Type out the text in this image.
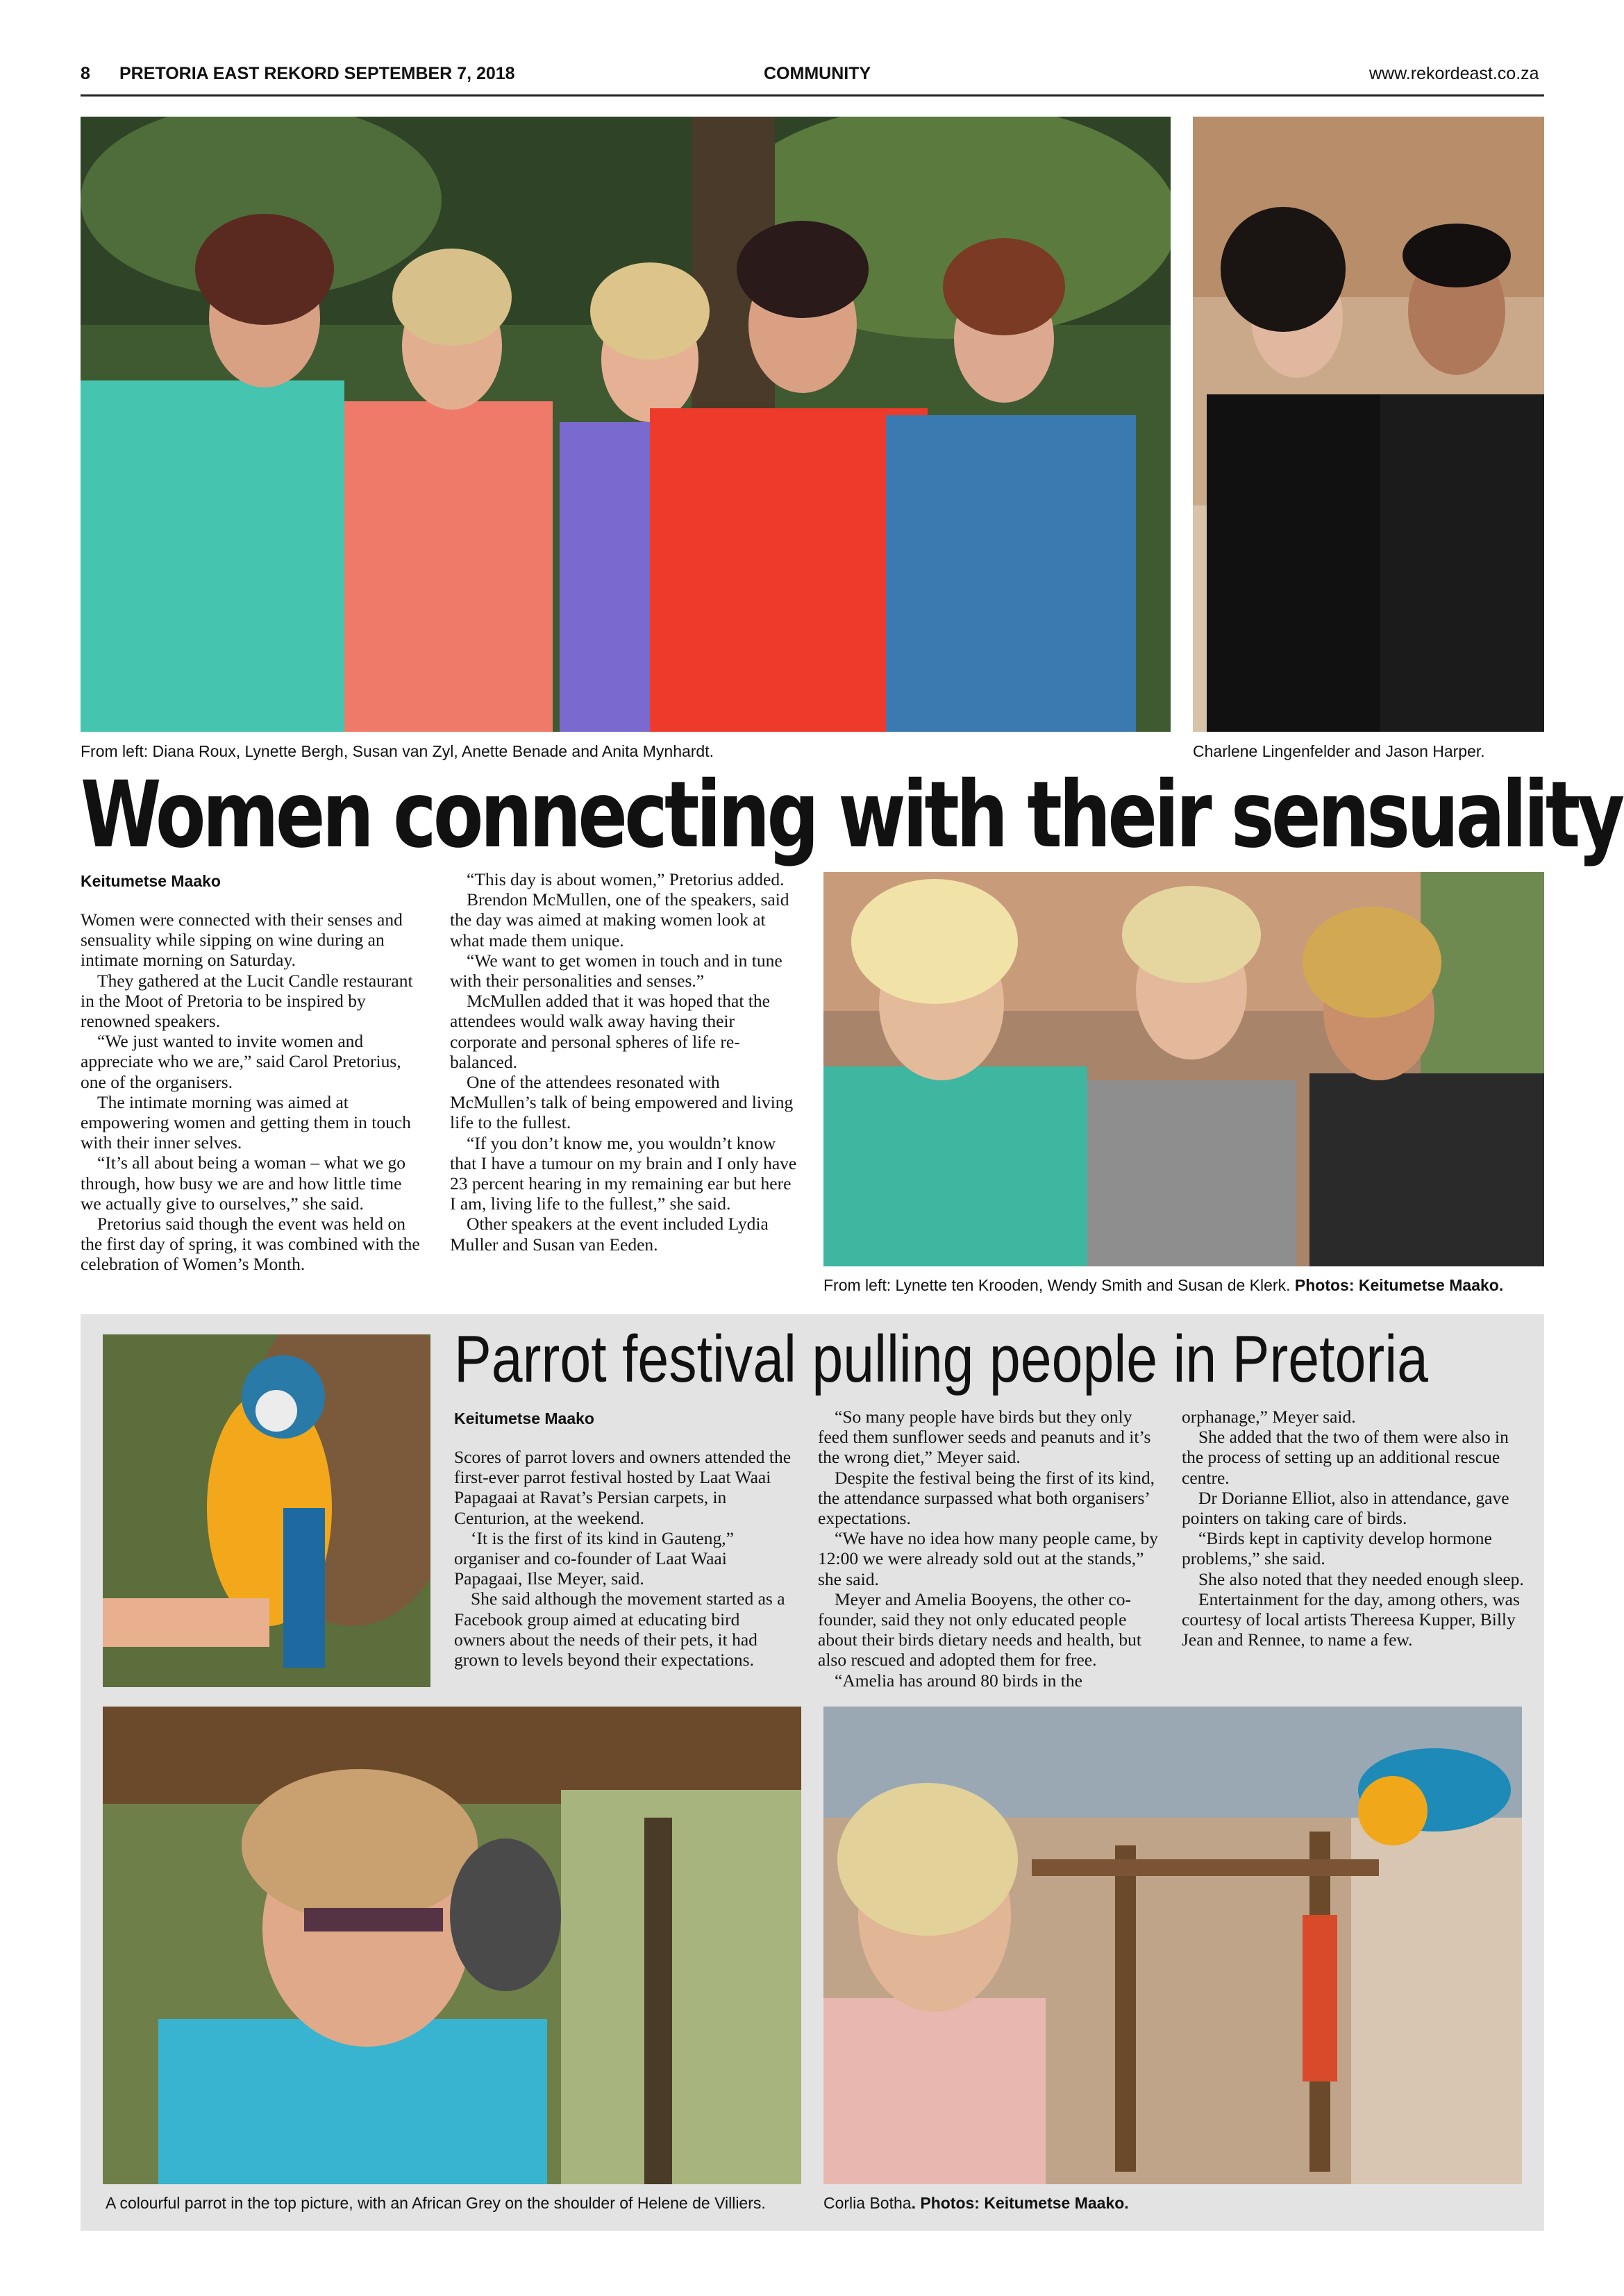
8 PRETORIA EAST REKORD SEPTEMBER 7, 2018	COMMUNITY	www.rekordeast.co.za
From left: Diana Roux, Lynette Bergh, Susan van Zyl, Anette Benade and Anita Mynhardt.	Charlene Lingenfelder and Jason Harper.
Women connecting with their sensuality
Keitumetse Maako

Women were connected with their senses and sensuality while sipping on wine during an intimate morning on Saturday.

They gathered at the Lucit Candle restaurant in the Moot of Pretoria to be inspired by renowned speakers.

“We just wanted to invite women and appreciate who we are,” said Carol Pretorius, one of the organisers.

The intimate morning was aimed at empowering women and getting them in touch with their inner selves.

“It’s all about being a woman – what we go through, how busy we are and how little time we actually give to ourselves,” she said.

Pretorius said though the event was held on the first day of spring, it was combined with the celebration of Women’s Month.

“This day is about women,” Pretorius added.

Brendon McMullen, one of the speakers, said the day was aimed at making women look at what made them unique.

“We want to get women in touch and in tune with their personalities and senses.”

McMullen added that it was hoped that the attendees would walk away having their corporate and personal spheres of life re-balanced.

One of the attendees resonated with McMullen’s talk of being empowered and living life to the fullest.

“If you don’t know me, you wouldn’t know that I have a tumour on my brain and I only have 23 percent hearing in my remaining ear but here I am, living life to the fullest,” she said.

Other speakers at the event included Lydia Muller and Susan van Eeden.

From left: Lynette ten Krooden, Wendy Smith and Susan de Klerk. Photos: Keitumetse Maako.
Parrot festival pulling people in Pretoria
Keitumetse Maako

Scores of parrot lovers and owners attended the first-ever parrot festival hosted by Laat Waai Papagaai at Ravat’s Persian carpets, in Centurion, at the weekend.

‘It is the first of its kind in Gauteng,” organiser and co-founder of Laat Waai Papagaai, Ilse Meyer, said.

She said although the movement started as a Facebook group aimed at educating bird owners about the needs of their pets, it had grown to levels beyond their expectations.

“So many people have birds but they only feed them sunflower seeds and peanuts and it’s the wrong diet,” Meyer said.

Despite the festival being the first of its kind, the attendance surpassed what both organisers’ expectations.

“We have no idea how many people came, by 12:00 we were already sold out at the stands,” she said.

Meyer and Amelia Booyens, the other co-founder, said they not only educated people about their birds dietary needs and health, but also rescued and adopted them for free.

“Amelia has around 80 birds in the

orphanage,” Meyer said.

She added that the two of them were also in the process of setting up an additional rescue centre.

Dr Dorianne Elliot, also in attendance, gave pointers on taking care of birds.

“Birds kept in captivity develop hormone problems,” she said.

She also noted that they needed enough sleep.

Entertainment for the day, among others, was courtesy of local artists Thereesa Kupper, Billy Jean and Rennee, to name a few.

A colourful parrot in the top picture, with an African Grey on the shoulder of Helene de Villiers.	Corlia Botha. Photos: Keitumetse Maako.
